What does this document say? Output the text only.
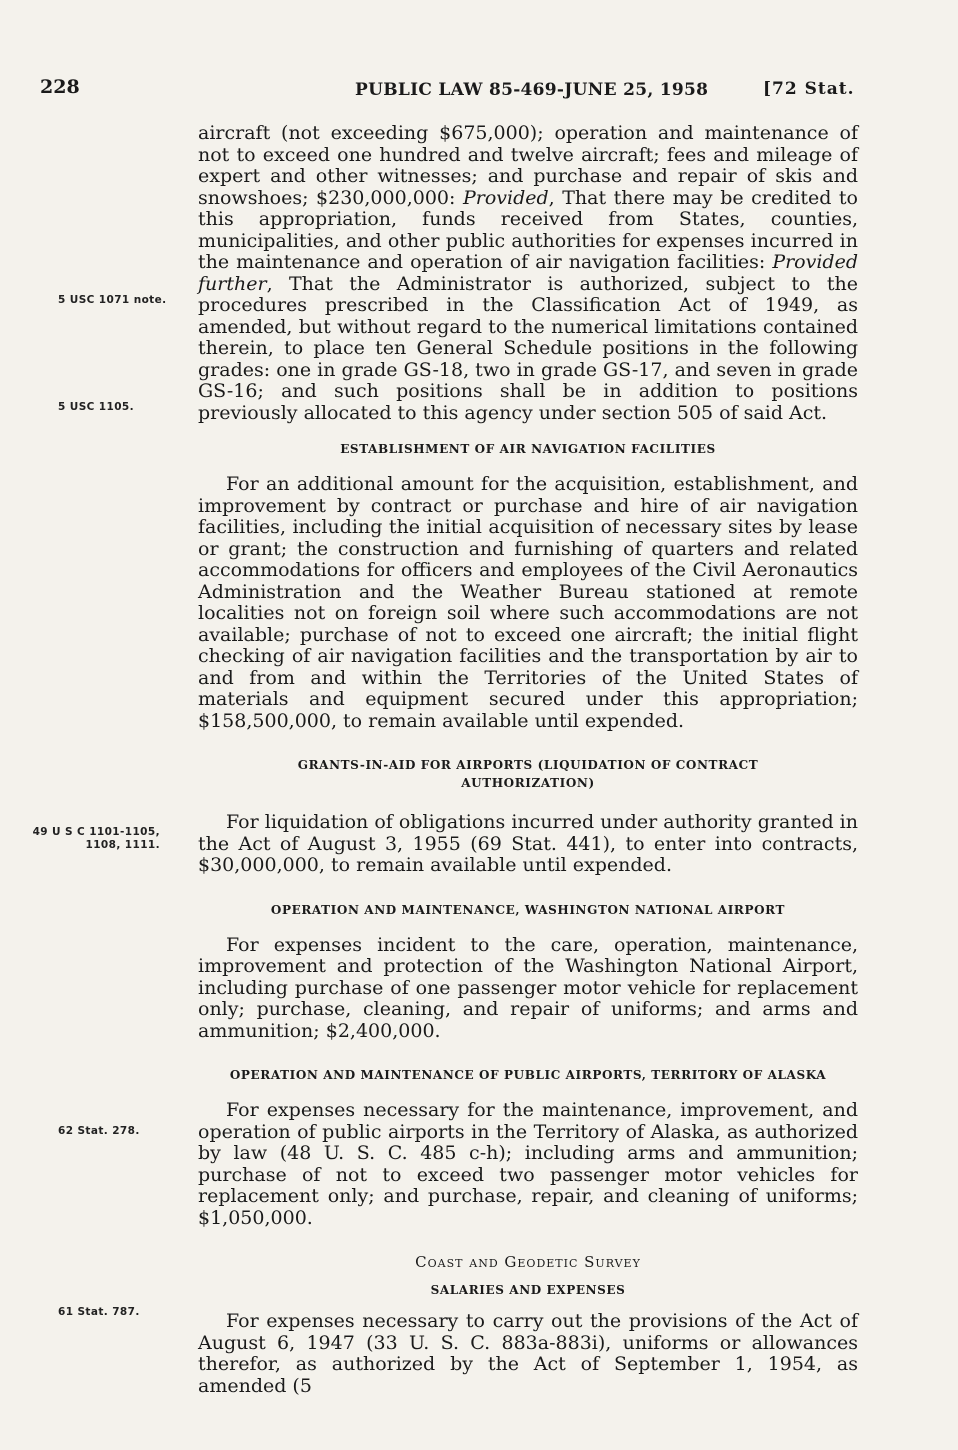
228	PUBLIC LAW 85-469-JUNE 25, 1958	[72 Stat.
5 USC 1071 note.
5 USC 1105.
49 U S C 1101-1105, 1108, 1111.
62 Stat. 278.
61 Stat. 787.

aircraft (not exceeding $675,000); operation and maintenance of not to exceed one hundred and twelve aircraft; fees and mileage of expert and other witnesses; and purchase and repair of skis and snowshoes; $230,000,000: Provided, That there may be credited to this appropriation, funds received from States, counties, municipalities, and other public authorities for expenses incurred in the maintenance and operation of air navigation facilities: Provided further, That the Administrator is authorized, subject to the procedures prescribed in the Classification Act of 1949, as amended, but without regard to the numerical limitations contained therein, to place ten General Schedule positions in the following grades: one in grade GS-18, two in grade GS-17, and seven in grade GS-16; and such positions shall be in addition to positions previously allocated to this agency under section 505 of said Act.

ESTABLISHMENT OF AIR NAVIGATION FACILITIES

For an additional amount for the acquisition, establishment, and improvement by contract or purchase and hire of air navigation facilities, including the initial acquisition of necessary sites by lease or grant; the construction and furnishing of quarters and related accommodations for officers and employees of the Civil Aeronautics Administration and the Weather Bureau stationed at remote localities not on foreign soil where such accommodations are not available; purchase of not to exceed one aircraft; the initial flight checking of air navigation facilities and the transportation by air to and from and within the Territories of the United States of materials and equipment secured under this appropriation; $158,500,000, to remain available until expended.

GRANTS-IN-AID FOR AIRPORTS (LIQUIDATION OF CONTRACT
AUTHORIZATION)

For liquidation of obligations incurred under authority granted in the Act of August 3, 1955 (69 Stat. 441), to enter into contracts, $30,000,000, to remain available until expended.

OPERATION AND MAINTENANCE, WASHINGTON NATIONAL AIRPORT

For expenses incident to the care, operation, maintenance, improvement and protection of the Washington National Airport, including purchase of one passenger motor vehicle for replacement only; purchase, cleaning, and repair of uniforms; and arms and ammunition; $2,400,000.

OPERATION AND MAINTENANCE OF PUBLIC AIRPORTS, TERRITORY OF ALASKA

For expenses necessary for the maintenance, improvement, and operation of public airports in the Territory of Alaska, as authorized by law (48 U. S. C. 485 c-h); including arms and ammunition; purchase of not to exceed two passenger motor vehicles for replacement only; and purchase, repair, and cleaning of uniforms; $1,050,000.

Coast and Geodetic Survey
SALARIES AND EXPENSES

For expenses necessary to carry out the provisions of the Act of August 6, 1947 (33 U. S. C. 883a-883i), uniforms or allowances therefor, as authorized by the Act of September 1, 1954, as amended (5
